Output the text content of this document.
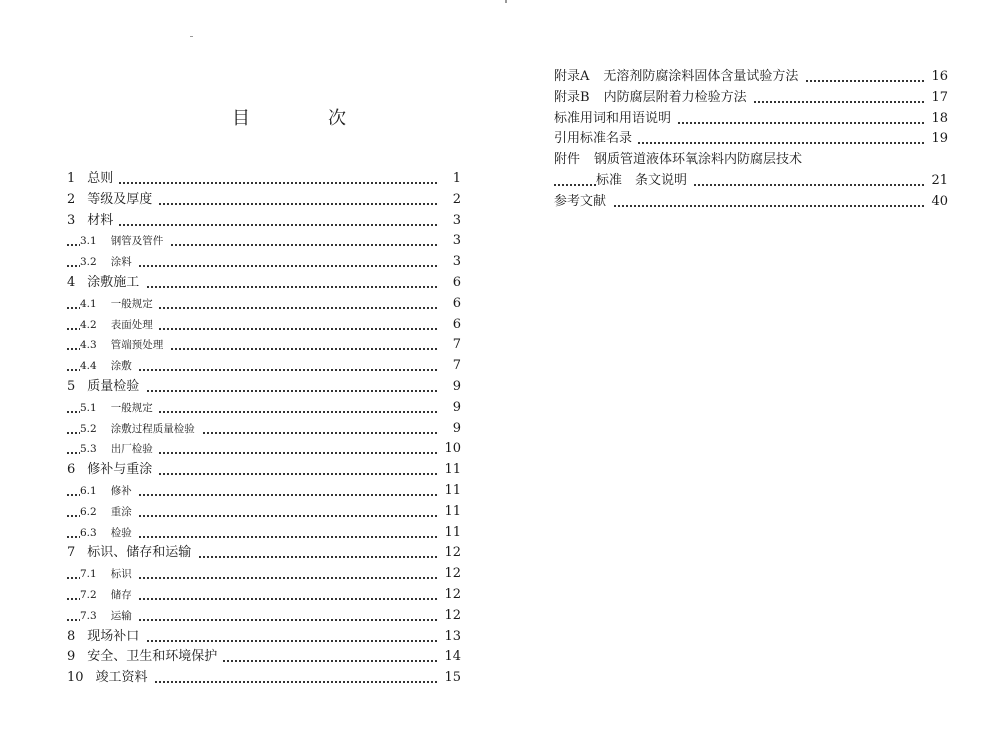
目　次
1 总则	1
2 等级及厚度	2
3 材料	3
3.1 钢管及管件	3
3.2 涂料	3
4 涂敷施工	6
4.1 一般规定	6
4.2 表面处理	6
4.3 管端预处理	7
4.4 涂敷	7
5 质量检验	9
5.1 一般规定	9
5.2 涂敷过程质量检验	9
5.3 出厂检验	10
6 修补与重涂	11
6.1 修补	11
6.2 重涂	11
6.3 检验	11
7 标识、储存和运输	12
7.1 标识	12
7.2 储存	12
7.3 运输	12
8 现场补口	13
9 安全、卫生和环境保护	14
10 竣工资料	15
附录A 无溶剂防腐涂料固体含量试验方法	16
附录B 内防腐层附着力检验方法	17
标准用词和用语说明	18
引用标准名录	19
附件 钢质管道液体环氧涂料内防腐层技术
标准　条文说明	21
参考文献	40
